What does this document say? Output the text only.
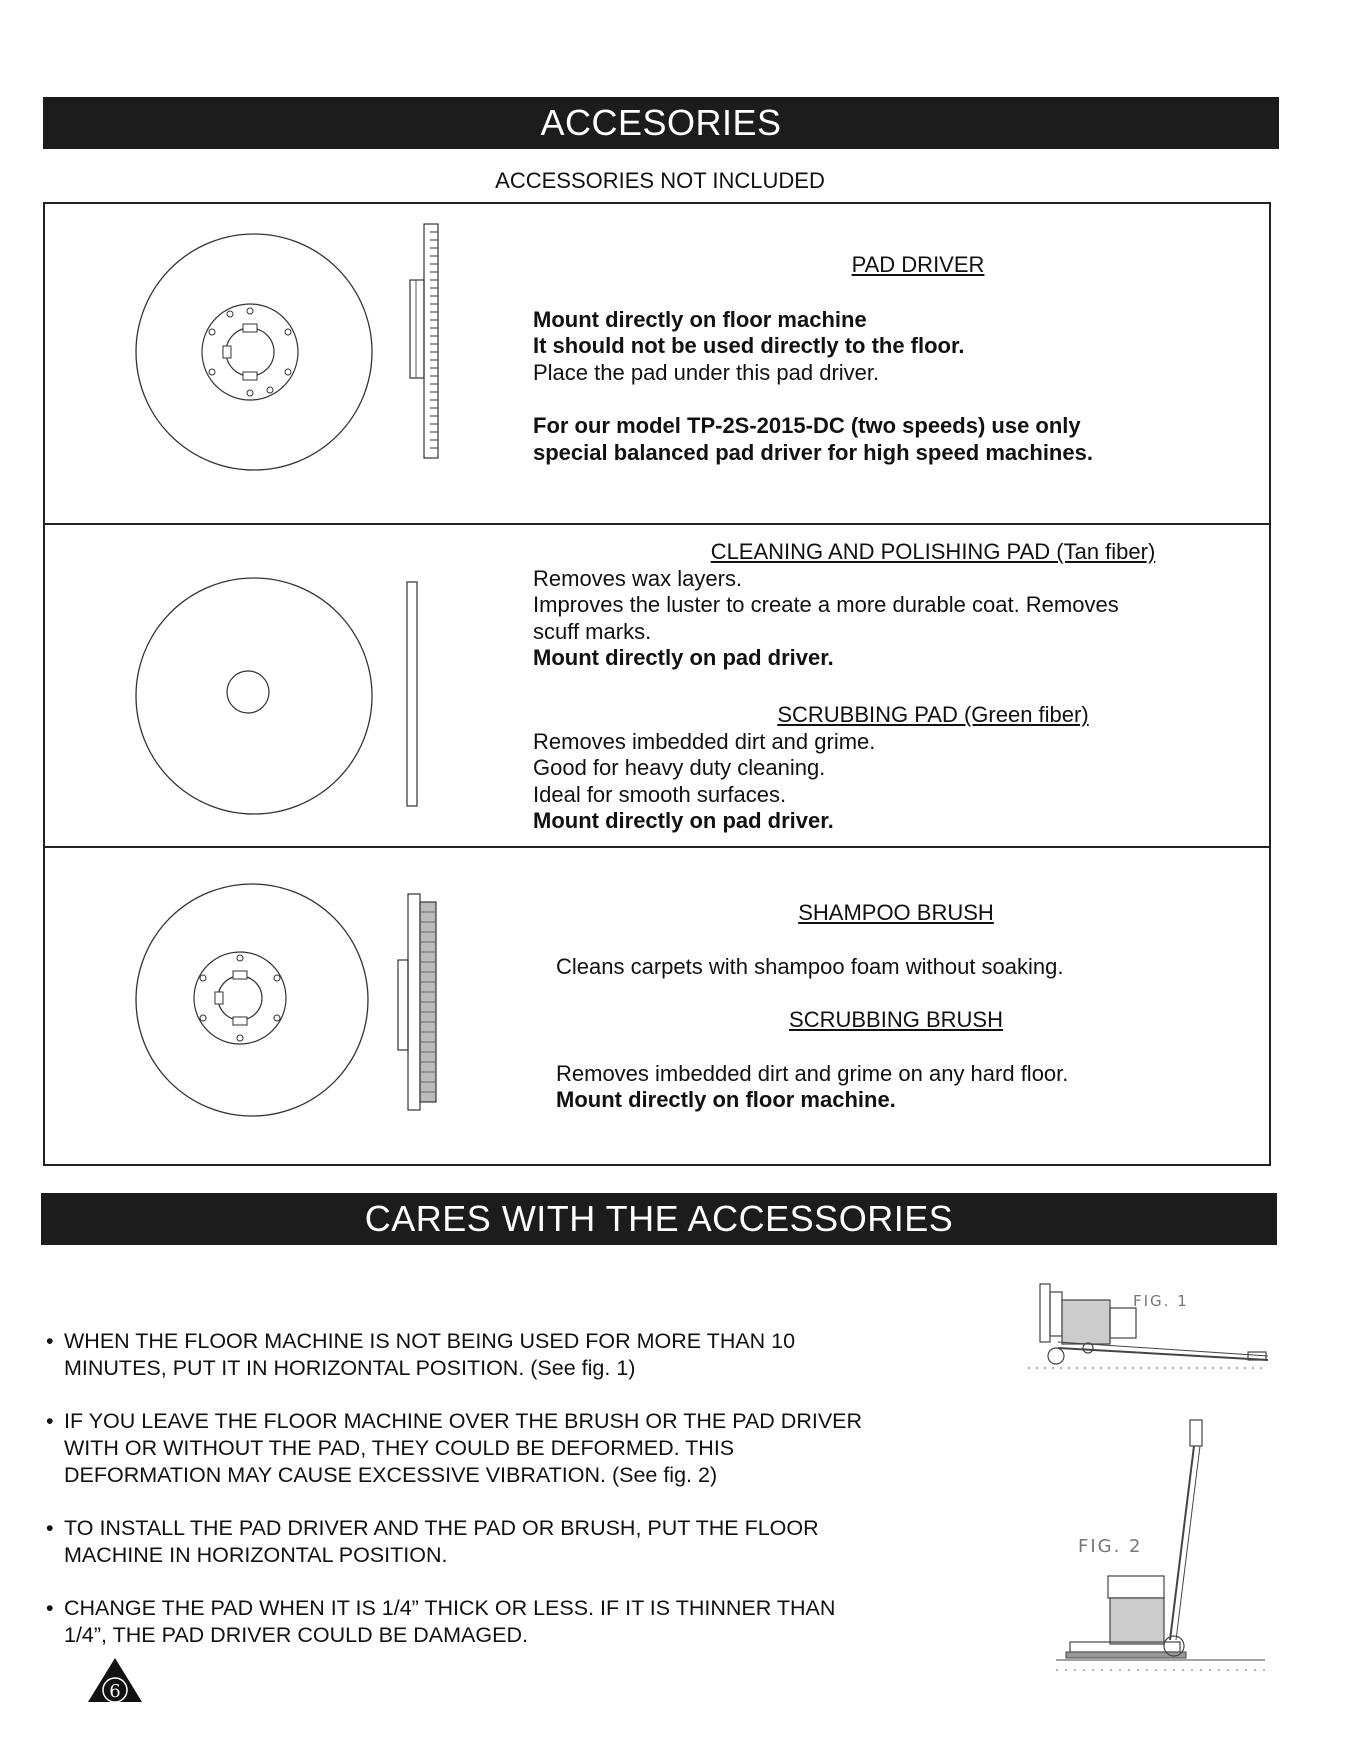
ACCESORIES
ACCESSORIES NOT INCLUDED

PAD DRIVER

Mount directly on floor machine

It should not be used directly to the floor.

Place the pad under this pad driver.

For our model TP-2S-2015-DC (two speeds) use only

special balanced pad driver for high speed machines.

CLEANING AND POLISHING PAD (Tan fiber)

Removes wax layers.

Improves the luster to create a more durable coat. Removes

scuff marks.

Mount directly on pad driver.

SCRUBBING PAD (Green fiber)

Removes imbedded dirt and grime.

Good for heavy duty cleaning.

Ideal for smooth surfaces.

Mount directly on pad driver.

SHAMPOO BRUSH

Cleans carpets with shampoo foam without soaking.

SCRUBBING BRUSH

Removes imbedded dirt and grime on any hard floor.

Mount directly on floor machine.

CARES WITH THE ACCESSORIES
• WHEN THE FLOOR MACHINE IS NOT BEING USED FOR MORE THAN 10
MINUTES, PUT IT IN HORIZONTAL POSITION. (See fig. 1)
• IF YOU LEAVE THE FLOOR MACHINE OVER THE BRUSH OR THE PAD DRIVER
WITH OR WITHOUT THE PAD, THEY COULD BE DEFORMED. THIS
DEFORMATION MAY CAUSE EXCESSIVE VIBRATION. (See fig. 2)
• TO INSTALL THE PAD DRIVER AND THE PAD OR BRUSH, PUT THE FLOOR
MACHINE IN HORIZONTAL POSITION.
• CHANGE THE PAD WHEN IT IS 1/4” THICK OR LESS. IF IT IS THINNER THAN
1/4”, THE PAD DRIVER COULD BE DAMAGED.
FIG. 1
FIG. 2
6
